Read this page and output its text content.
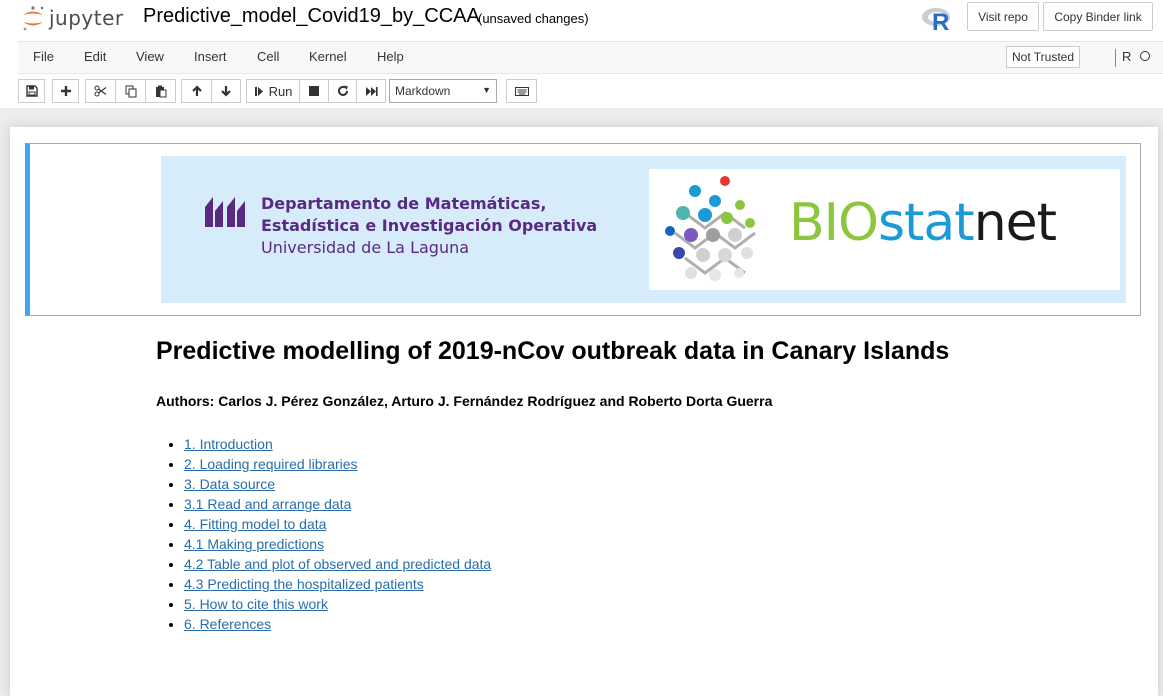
jupyter Predictive_model_Covid19_by_CCAA
(unsaved changes)	R	Visit repo	Copy Binder link
File Edit View Insert Cell Kernel Help	Not Trusted	R
Run	Markdown	▼
Departamento de Matemáticas,
Estadística e Investigación Operativa
Universidad de La Laguna	BIOstatnet
Predictive modelling of 2019-nCov outbreak data in Canary Islands
Authors: Carlos J. Pérez González, Arturo J. Fernández Rodríguez and Roberto Dorta Guerra
• 1. Introduction
• 2. Loading required libraries
• 3. Data source
• 3.1 Read and arrange data
• 4. Fitting model to data
• 4.1 Making predictions
• 4.2 Table and plot of observed and predicted data
• 4.3 Predicting the hospitalized patients
• 5. How to cite this work
• 6. References
